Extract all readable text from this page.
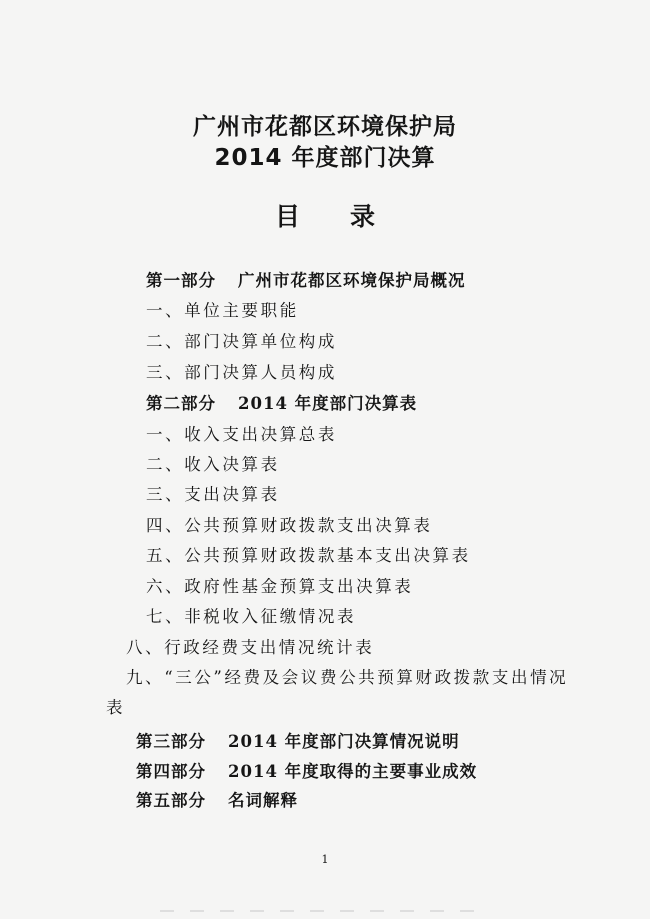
广州市花都区环境保护局
2014 年度部门决算
目录
第一部分 广州市花都区环境保护局概况
一、单位主要职能
二、部门决算单位构成
三、部门决算人员构成
第二部分 2014 年度部门决算表
一、收入支出决算总表
二、收入决算表
三、支出决算表
四、公共预算财政拨款支出决算表
五、公共预算财政拨款基本支出决算表
六、政府性基金预算支出决算表
七、非税收入征缴情况表
八、行政经费支出情况统计表
九、“三公”经费及会议费公共预算财政拨款支出情况
表
第三部分 2014 年度部门决算情况说明
第四部分 2014 年度取得的主要事业成效
第五部分 名词解释
1
